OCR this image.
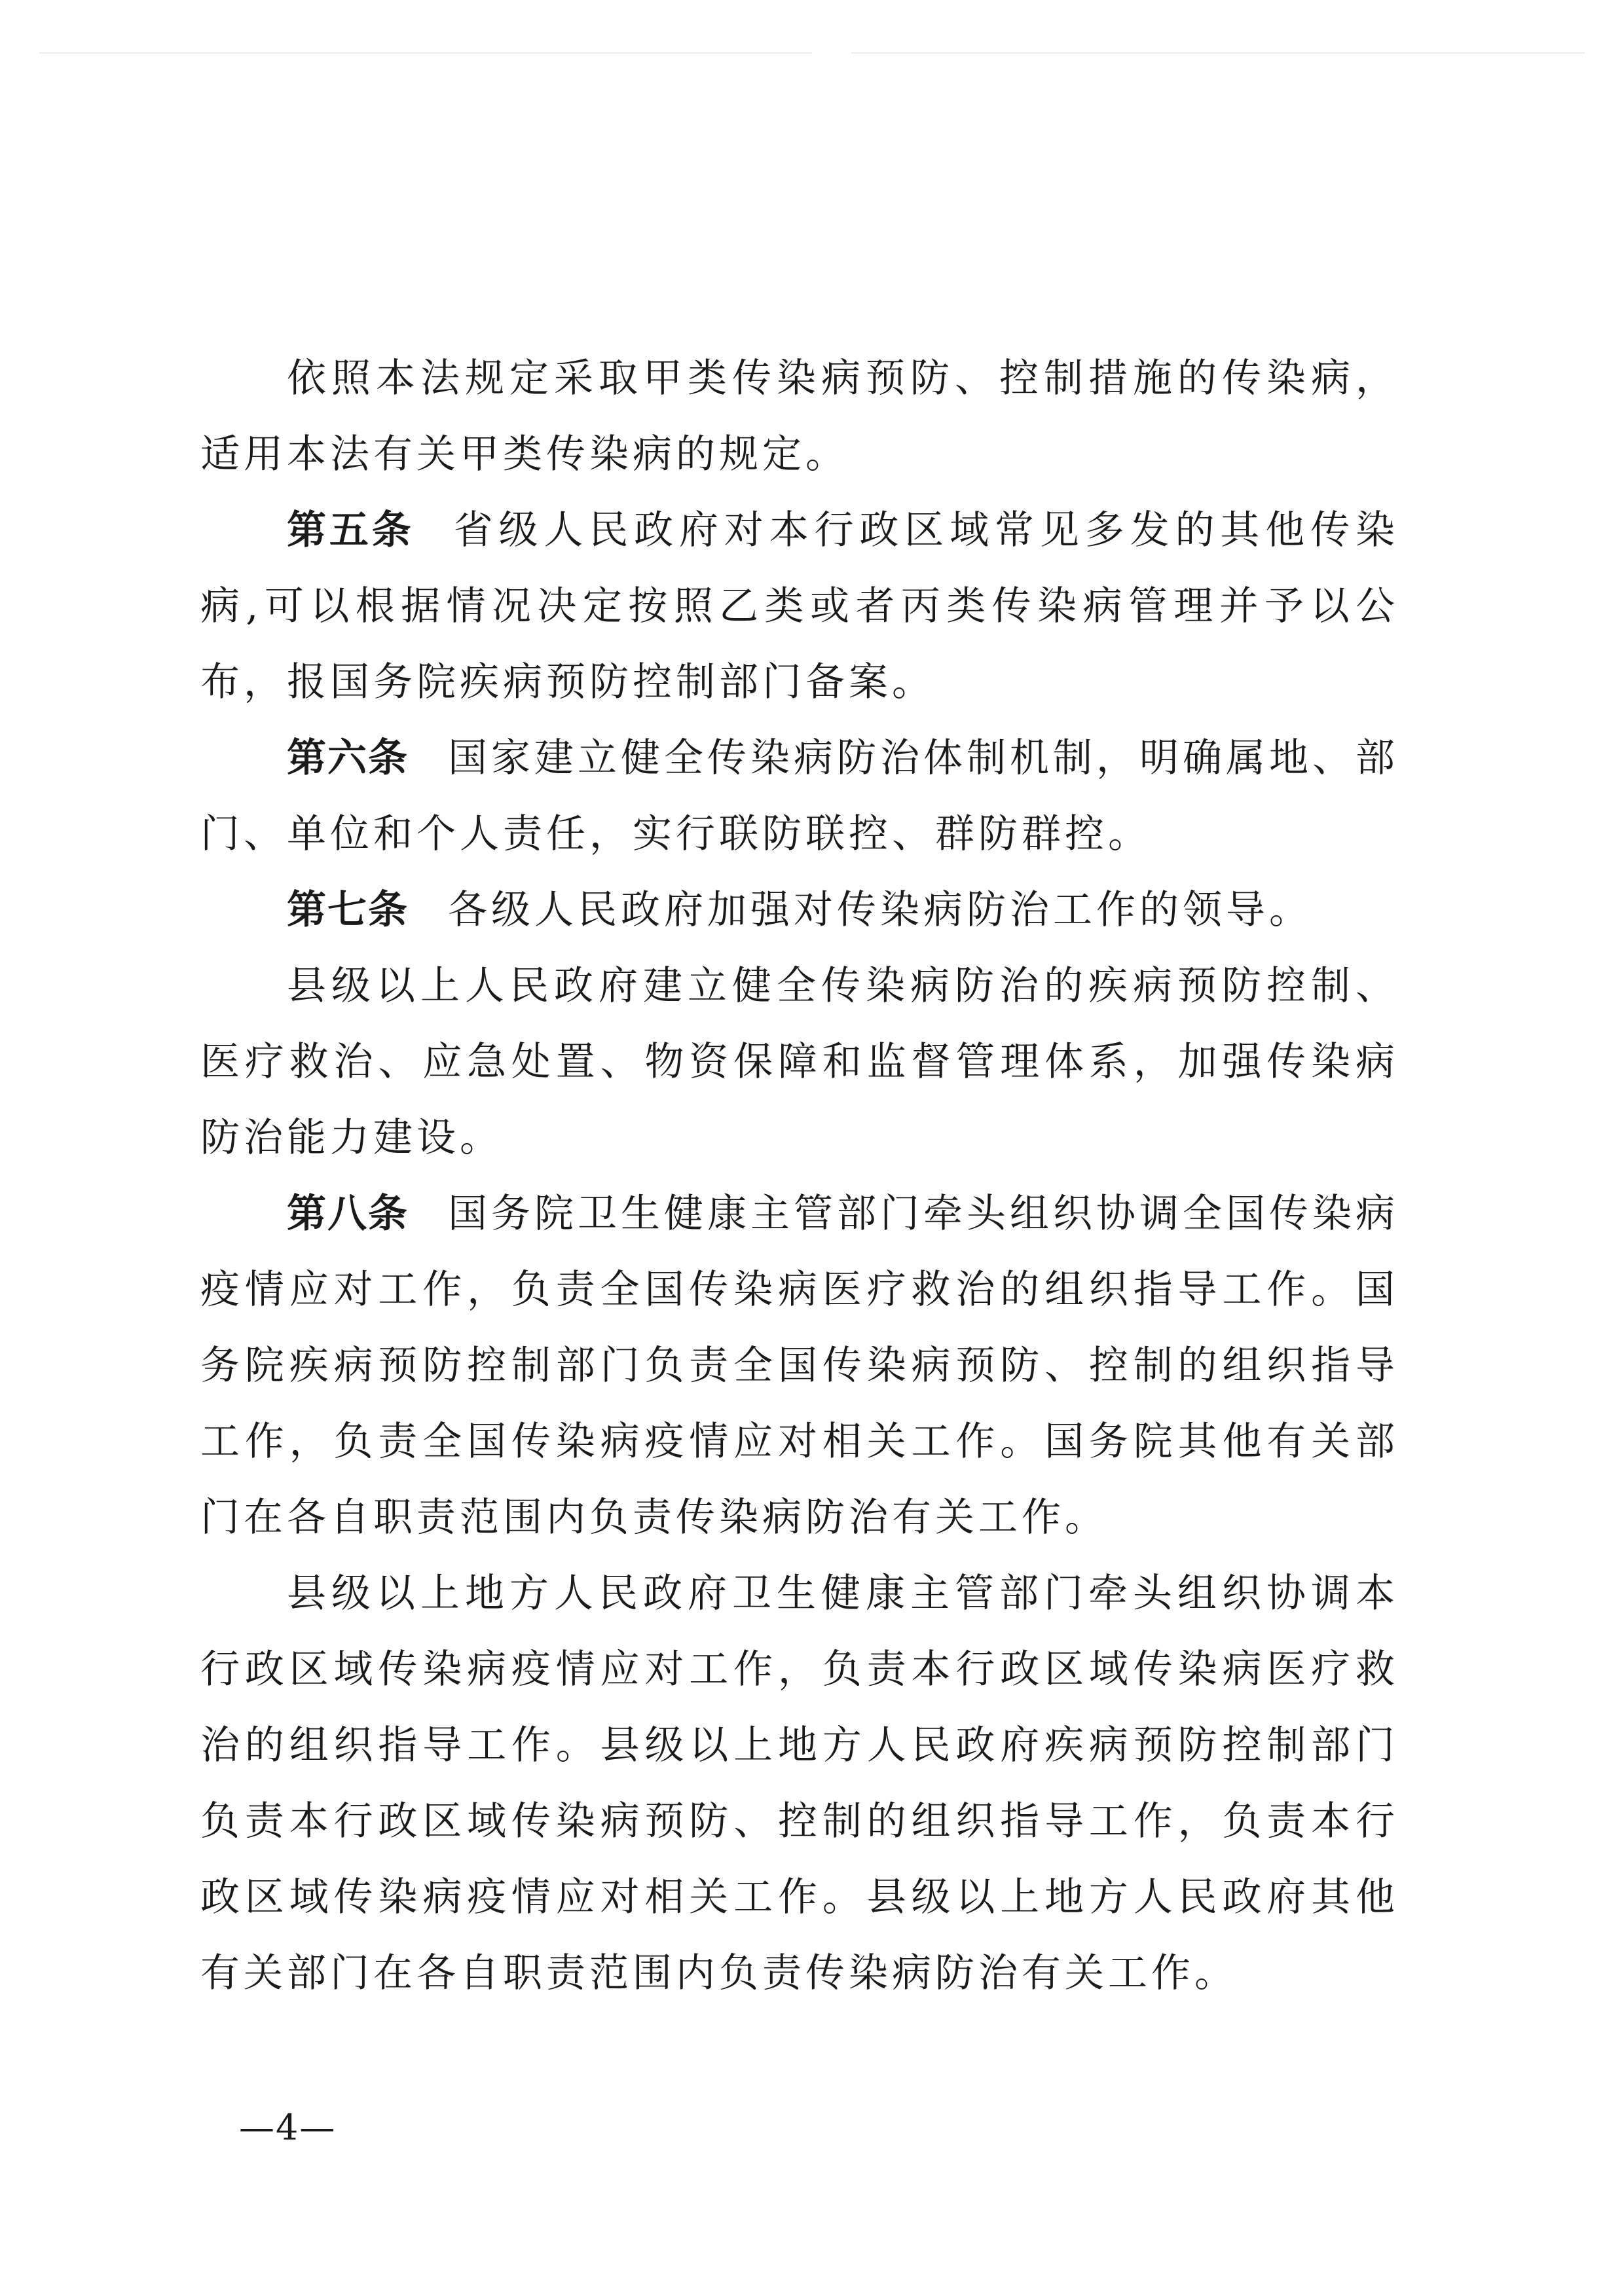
依照本法规定采取甲类传染病预防、控制措施的传染病，适用本法有关甲类传染病的规定。

第五条 省级人民政府对本行政区域常见多发的其他传染病,可以根据情况决定按照乙类或者丙类传染病管理并予以公布，报国务院疾病预防控制部门备案。

第六条 国家建立健全传染病防治体制机制，明确属地、部门、单位和个人责任，实行联防联控、群防群控。

第七条 各级人民政府加强对传染病防治工作的领导。

县级以上人民政府建立健全传染病防治的疾病预防控制、医疗救治、应急处置、物资保障和监督管理体系，加强传染病防治能力建设。

第八条 国务院卫生健康主管部门牵头组织协调全国传染病疫情应对工作，负责全国传染病医疗救治的组织指导工作。国务院疾病预防控制部门负责全国传染病预防、控制的组织指导工作，负责全国传染病疫情应对相关工作。国务院其他有关部门在各自职责范围内负责传染病防治有关工作。

县级以上地方人民政府卫生健康主管部门牵头组织协调本行政区域传染病疫情应对工作，负责本行政区域传染病医疗救治的组织指导工作。县级以上地方人民政府疾病预防控制部门负责本行政区域传染病预防、控制的组织指导工作，负责本行政区域传染病疫情应对相关工作。县级以上地方人民政府其他有关部门在各自职责范围内负责传染病防治有关工作。

—4—
